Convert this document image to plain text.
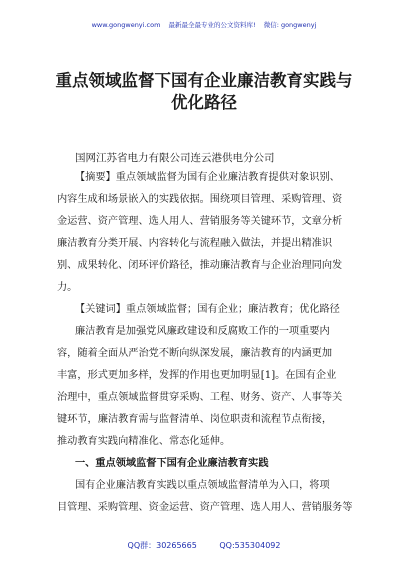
www.gongwenyi.com 最新最全最专业的公文资料库! 微信: gongwenyj
重点领域监督下国有企业廉洁教育实践与
优化路径
国网江苏省电力有限公司连云港供电分公司
【摘要】重点领域监督为国有企业廉洁教育提供对象识别、
内容生成和场景嵌入的实践依据。围绕项目管理、采购管理、资
金运营、资产管理、选人用人、营销服务等关键环节，文章分析
廉洁教育分类开展、内容转化与流程融入做法，并提出精准识
别、成果转化、闭环评价路径，推动廉洁教育与企业治理同向发
力。
【关键词】重点领域监督；国有企业；廉洁教育；优化路径
廉洁教育是加强党风廉政建设和反腐败工作的一项重要内
容，随着全面从严治党不断向纵深发展，廉洁教育的内涵更加
丰富，形式更加多样，发挥的作用也更加明显[1]。在国有企业
治理中，重点领域监督贯穿采购、工程、财务、资产、人事等关
键环节，廉洁教育需与监督清单、岗位职责和流程节点衔接，
推动教育实践向精准化、常态化延伸。
一、重点领域监督下国有企业廉洁教育实践
国有企业廉洁教育实践以重点领域监督清单为入口，将项
目管理、采购管理、资金运营、资产管理、选人用人、营销服务等
QQ群：30265665	QQ:535304092
